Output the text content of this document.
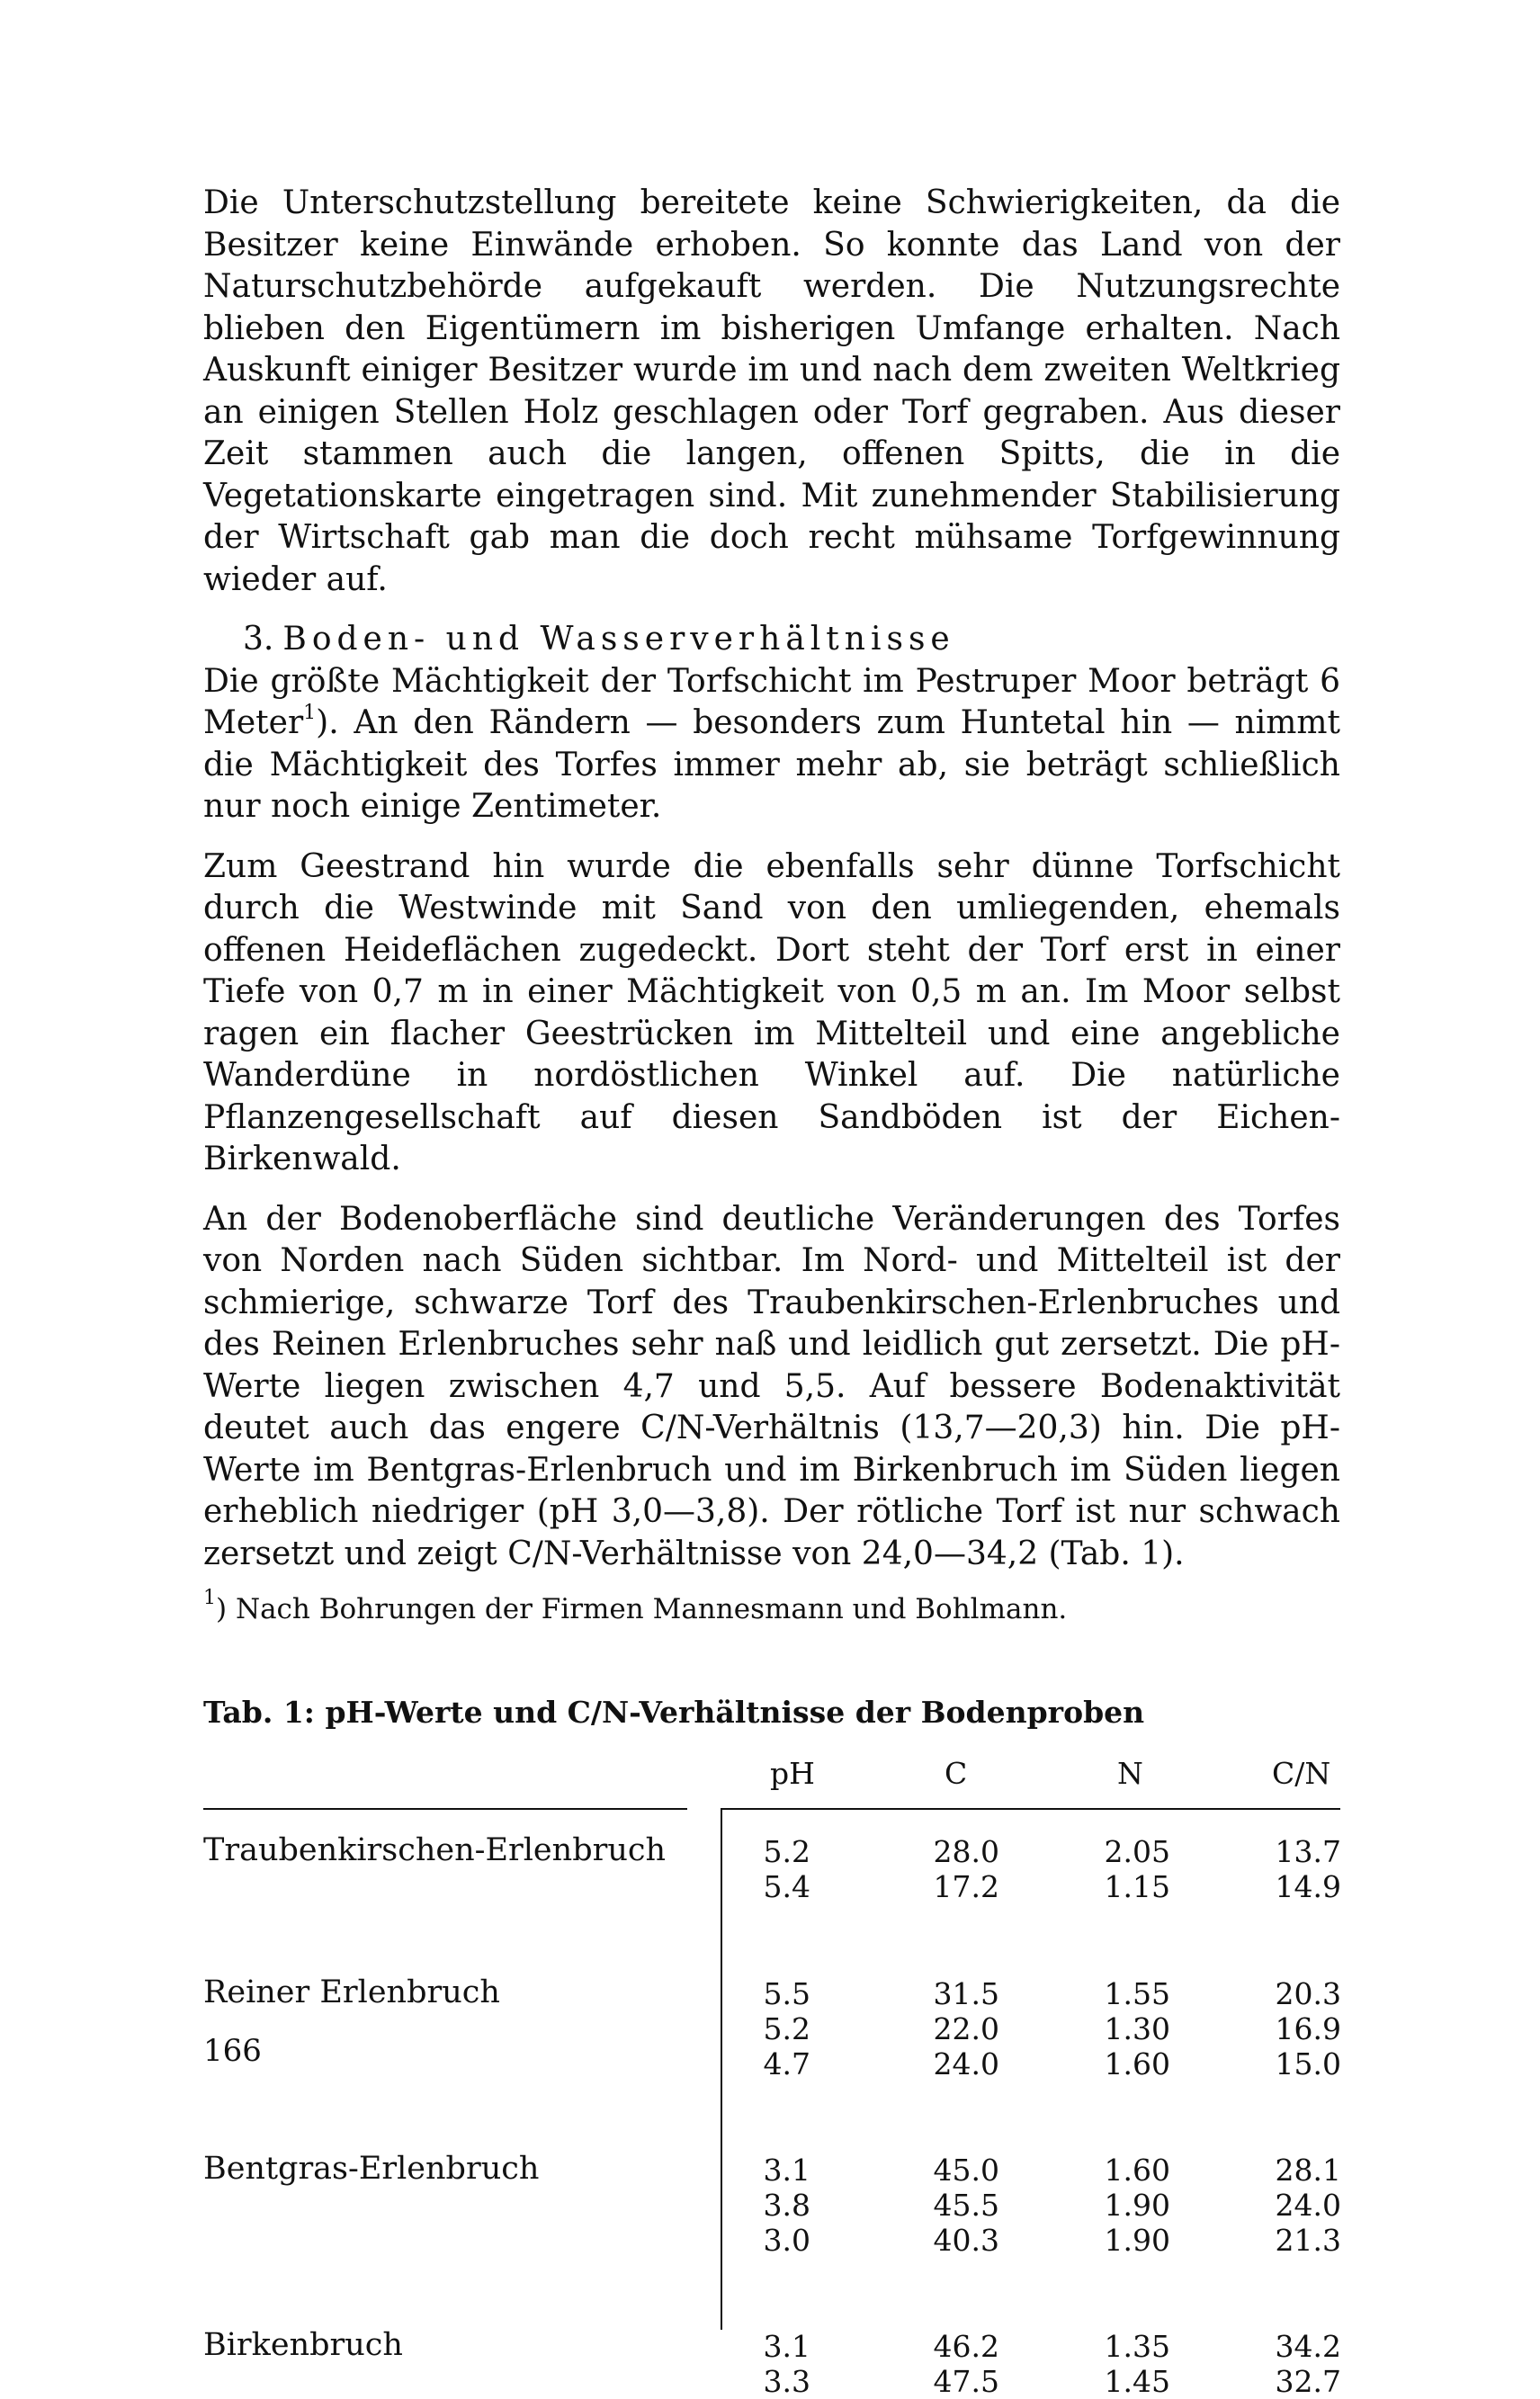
Die Unterschutzstellung bereitete keine Schwierigkeiten, da die Besitzer keine Einwände erhoben. So konnte das Land von der Naturschutzbehörde aufgekauft werden. Die Nutzungsrechte blieben den Eigentümern im bisherigen Umfange erhalten. Nach Auskunft einiger Besitzer wurde im und nach dem zweiten Weltkrieg an einigen Stellen Holz geschlagen oder Torf gegraben. Aus dieser Zeit stammen auch die langen, offenen Spitts, die in die Vegetationskarte eingetragen sind. Mit zunehmender Stabilisierung der Wirtschaft gab man die doch recht mühsame Torfgewinnung wieder auf.

3. Boden- und Wasserverhältnisse

Die größte Mächtigkeit der Torfschicht im Pestruper Moor beträgt 6 Meter$^1$). An den Rändern — besonders zum Huntetal hin — nimmt die Mächtigkeit des Torfes immer mehr ab, sie beträgt schließlich nur noch einige Zentimeter.

Zum Geestrand hin wurde die ebenfalls sehr dünne Torfschicht durch die Westwinde mit Sand von den umliegenden, ehemals offenen Heideflächen zugedeckt. Dort steht der Torf erst in einer Tiefe von 0,7 m in einer Mächtigkeit von 0,5 m an. Im Moor selbst ragen ein flacher Geestrücken im Mittelteil und eine angebliche Wanderdüne in nordöstlichen Winkel auf. Die natürliche Pflanzengesellschaft auf diesen Sandböden ist der Eichen-Birkenwald.

An der Bodenoberfläche sind deutliche Veränderungen des Torfes von Norden nach Süden sichtbar. Im Nord- und Mittelteil ist der schmierige, schwarze Torf des Traubenkirschen-Erlenbruches und des Reinen Erlenbruches sehr naß und leidlich gut zersetzt. Die pH-Werte liegen zwischen 4,7 und 5,5. Auf bessere Bodenaktivität deutet auch das engere C/N-Verhältnis (13,7—20,3) hin. Die pH-Werte im Bentgras-Erlenbruch und im Birkenbruch im Süden liegen erheblich niedriger (pH 3,0—3,8). Der rötliche Torf ist nur schwach zersetzt und zeigt C/N-Verhältnisse von 24,0—34,2 (Tab. 1).

$^1$) Nach Bohrungen der Firmen Mannesmann und Bohlmann.

Tab. 1: pH-Werte und C/N-Verhältnisse der Bodenproben

pH	C	N	C/N
Traubenkirschen-Erlenbruch	5.2	28.0	2.05	13.7
5.4	17.2	1.15	14.9
Reiner Erlenbruch	5.5	31.5	1.55	20.3
5.2	22.0	1.30	16.9
4.7	24.0	1.60	15.0
Bentgras-Erlenbruch	3.1	45.0	1.60	28.1
3.8	45.5	1.90	24.0
3.0	40.3	1.90	21.3
Birkenbruch	3.1	46.2	1.35	34.2
3.3	47.5	1.45	32.7
166
